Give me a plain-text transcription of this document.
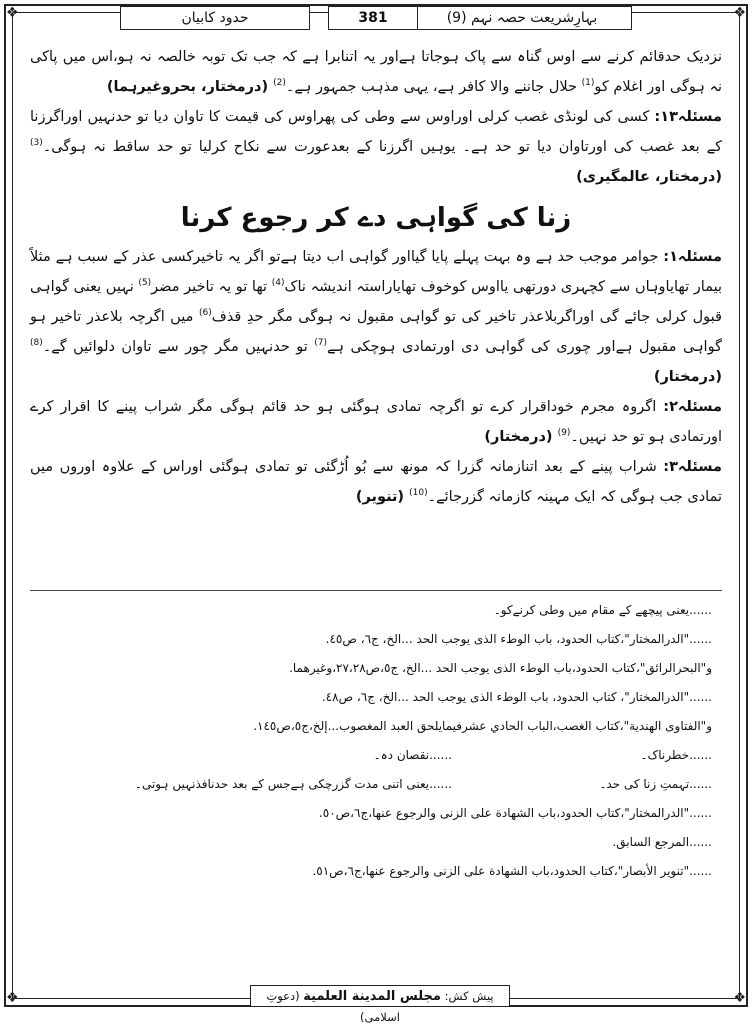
❖	❖
❖	❖
بہارِشریعت حصہ نہم (9)
381
حدود کابیان

نزدیک حدقائم کرنے سے اوس گناہ سے پاک ہوجاتا ہےاور یہ اتنابرا ہے کہ جب تک توبہ خالصہ نہ ہو،اس میں پاکی نہ ہوگی اور اغلام کو$^{(1)}$ حلال جاننے والا کافر ہے، یہی مذہب جمہور ہے۔$^{(2)}$ (درمختار، بحروغیرہما)

مسئلہ۱۳: کسی کی لونڈی غصب کرلی اوراوس سے وطی کی پھراوس کی قیمت کا تاوان دیا تو حدنہیں اوراگرزنا کے بعد غصب کی اورتاوان دیا تو حد ہے۔ یوہیں اگرزنا کے بعدعورت سے نکاح کرلیا تو حد ساقط نہ ہوگی۔$^{(3)}$ (درمختار، عالمگیری)

زنا کی گواہی دے کر رجوع کرنا

مسئلہ۱: جوامر موجب حد ہے وہ بہت پہلے پایا گیااور گواہی اب دیتا ہےتو اگر یہ تاخیرکسی عذر کے سبب ہے مثلاً بیمار تھایاوہاں سے کچہری دورتھی یااوس کوخوف تھایاراستہ اندیشہ ناک$^{(4)}$ تھا تو یہ تاخیر مضر$^{(5)}$ نہیں یعنی گواہی قبول کرلی جائے گی اوراگربلاعذر تاخیر کی تو گواہی مقبول نہ ہوگی مگر حدِ قذف$^{(6)}$ میں اگرچہ بلاعذر تاخیر ہو گواہی مقبول ہےاور چوری کی گواہی دی اورتمادی ہوچکی ہے$^{(7)}$ تو حدنہیں مگر چور سے تاوان دلوائیں گے۔$^{(8)}$ (درمختار)

مسئلہ۲: اگروہ مجرم خوداقرار کرے تو اگرچہ تمادی ہوگئی ہو حد قائم ہوگی مگر شراب پینے کا اقرار کرے اورتمادی ہو تو حد نہیں۔$^{(9)}$ (درمختار)

مسئلہ۳: شراب پینے کے بعد اتنازمانہ گزرا کہ مونھ سے بُو اُڑگئی تو تمادی ہوگئی اوراس کے علاوہ اوروں میں تمادی جب ہوگی کہ ایک مہینہ کازمانہ گزرجائے۔$^{(10)}$ (تنویر)

......یعنی پیچھے کے مقام میں وطی کرنےکو۔

......"الدرالمختار"،کتاب الحدود، باب الوطء الذی یوجب الحد ...الخ، ج٦، ص٤٥.

و"البحرالرائق"،کتاب الحدود،باب الوطء الذی یوجب الحد ...الخ، ج٥،ص٢٧،٢٨،وغیرهما.

......"الدرالمختار"، کتاب الحدود، باب الوطء الذی یوجب الحد ...الخ، ج٦، ص٤٨.

و"الفتاوى الهندية"،کتاب الغصب،الباب الحادي عشرفیمایلحق العبد المغصوب...إلخ،ج٥،ص١٤٥.

......خطرناک۔......نقصان دہ۔

......تہمتِ زنا کی حد۔......یعنی اتنی مدت گزرچکی ہےجس کے بعد حدنافذنہیں ہوتی۔

......"الدرالمختار"،کتاب الحدود،باب الشهادة على الزنى والرجوع عنها،ج٦،ص٥٠.

......المرجع السابق.

......"تنویر الأبصار"،کتاب الحدود،باب الشهادة على الزنى والرجوع عنها،ج٦،ص٥١.

پیش کش: مجلس المدینة العلمیة (دعوتِ اسلامی)
